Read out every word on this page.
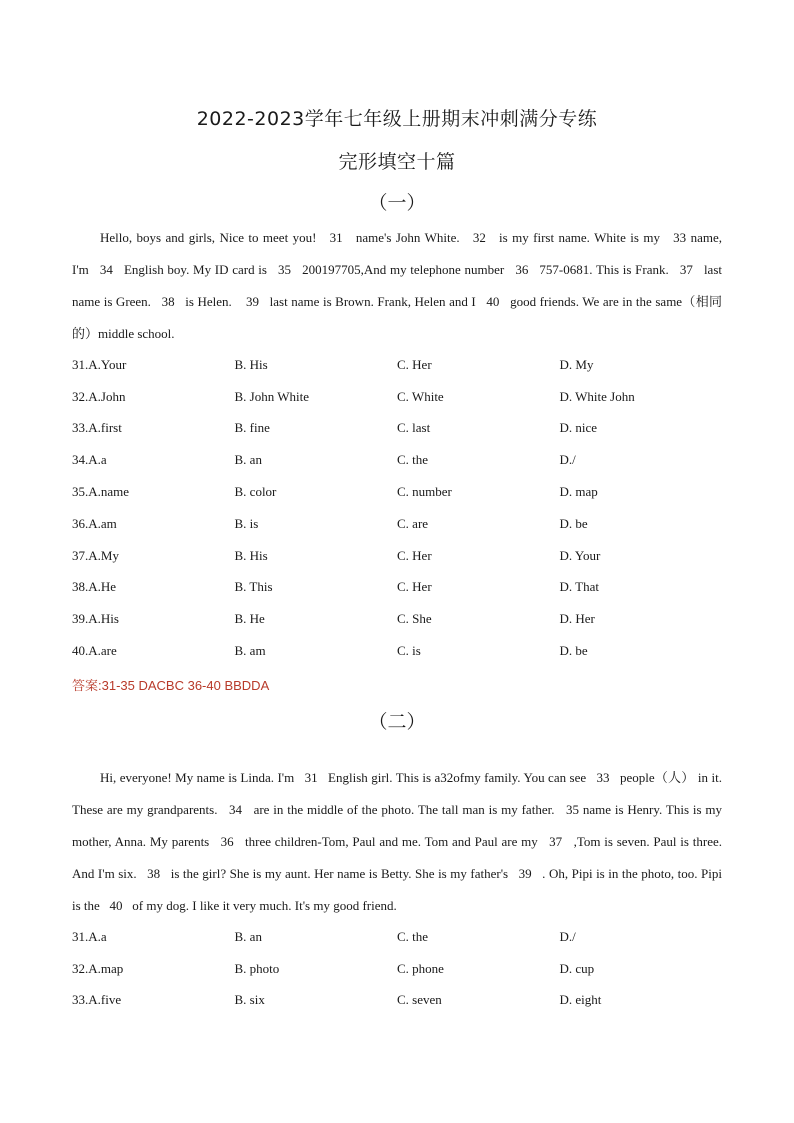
2022-2023学年七年级上册期末冲刺满分专练
完形填空十篇
（一）

Hello, boys and girls, Nice to meet you!   31   name's John White.   32   is my first name. White is my   33 name, I'm   34   English boy. My ID card is   35   200197705,And my telephone number   36   757-0681. This is Frank.   37   last name is Green.   38   is Helen.    39   last name is Brown. Frank, Helen and I   40   good friends. We are in the same（相同的）middle school.

31.A.Your	B. His	C. Her	D. My
32.A.John	B. John White	C. White	D. White John
33.A.first	B. fine	C. last	D. nice
34.A.a	B. an	C. the	D./
35.A.name	B. color	C. number	D. map
36.A.am	B. is	C. are	D. be
37.A.My	B. His	C. Her	D. Your
38.A.He	B. This	C. Her	D. That
39.A.His	B. He	C. She	D. Her
40.A.are	B. am	C. is	D. be
答案:31-35 DACBC 36-40 BBDDA
（二）

Hi, everyone! My name is Linda. I'm   31   English girl. This is a32ofmy family. You can see   33   people（人） in it. These are my grandparents.   34   are in the middle of the photo. The tall man is my father.   35 name is Henry. This is my mother, Anna. My parents   36   three children-Tom, Paul and me. Tom and Paul are my   37   ,Tom is seven. Paul is three. And I'm six.   38   is the girl? She is my aunt. Her name is Betty. She is my father's   39   . Oh, Pipi is in the photo, too. Pipi is the   40   of my dog. I like it very much. It's my good friend.

31.A.a	B. an	C. the	D./
32.A.map	B. photo	C. phone	D. cup
33.A.five	B. six	C. seven	D. eight
